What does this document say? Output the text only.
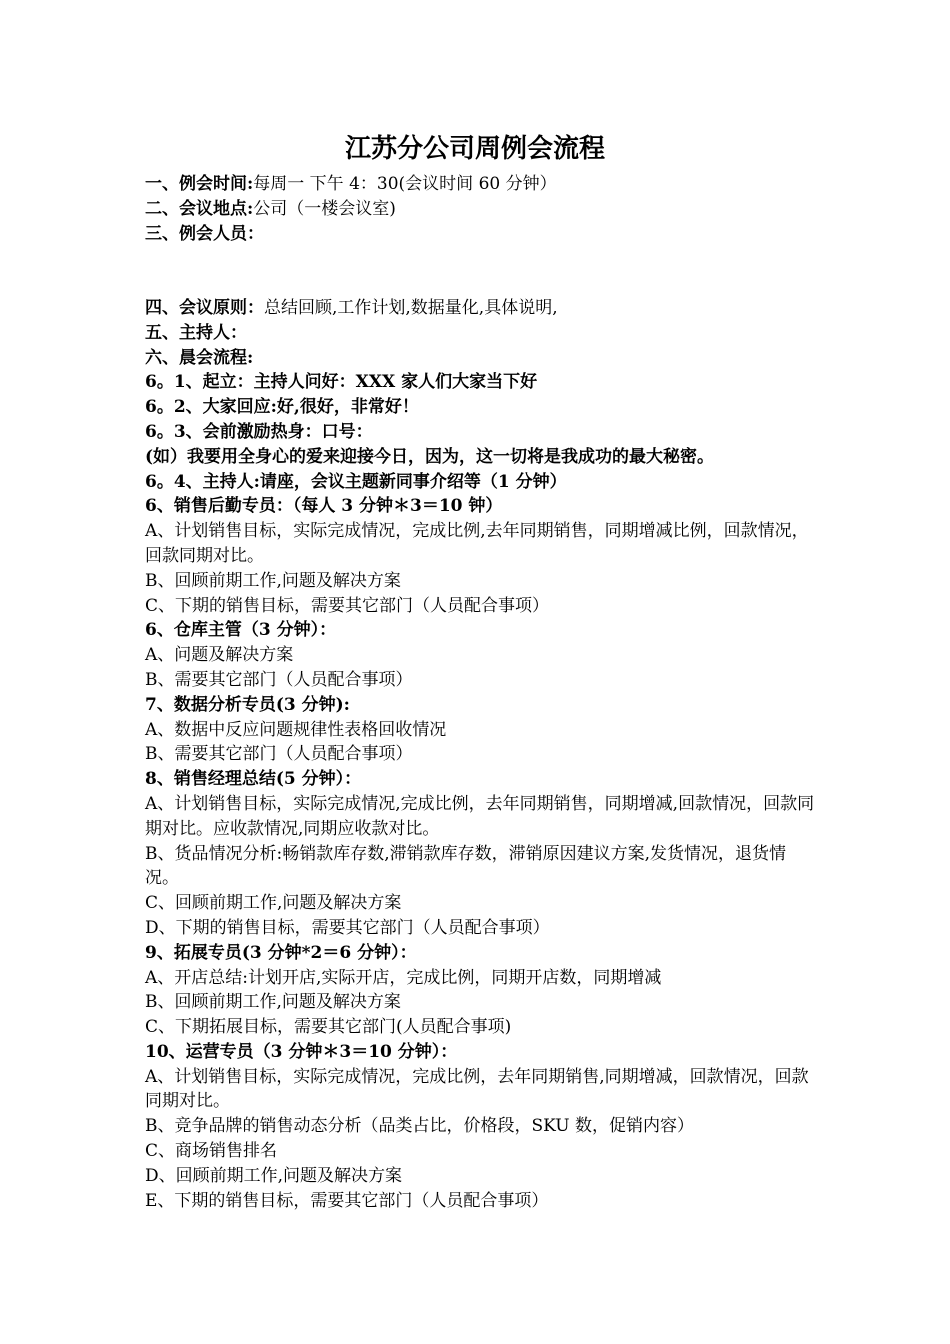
江苏分公司周例会流程

一、例会时间:每周一 下午 4：30(会议时间 60 分钟）

二、会议地点:公司（一楼会议室)

三、例会人员：

四、会议原则：总结回顾,工作计划,数据量化,具体说明,

五、主持人：

六、晨会流程:

6。1、起立：主持人问好：XXX 家人们大家当下好

6。2、大家回应:好,很好，非常好！

6。3、会前激励热身：口号：

(如）我要用全身心的爱来迎接今日，因为，这一切将是我成功的最大秘密。

6。4、主持人:请座，会议主题新同事介绍等（1 分钟）

6、销售后勤专员：（每人 3 分钟＊3＝10 钟）

A、计划销售目标，实际完成情况，完成比例,去年同期销售，同期增减比例，回款情况，回款同期对比。

B、回顾前期工作,问题及解决方案

C、下期的销售目标，需要其它部门（人员配合事项）

6、仓库主管（3 分钟）：

A、问题及解决方案

B、需要其它部门（人员配合事项）

7、数据分析专员(3 分钟):

A、数据中反应问题规律性表格回收情况

B、需要其它部门（人员配合事项）

8、销售经理总结(5 分钟）：

A、计划销售目标，实际完成情况,完成比例，去年同期销售，同期增减,回款情况，回款同期对比。应收款情况,同期应收款对比。

B、货品情况分析:畅销款库存数,滞销款库存数，滞销原因建议方案,发货情况，退货情况。

C、回顾前期工作,问题及解决方案

D、下期的销售目标，需要其它部门（人员配合事项）

9、拓展专员(3 分钟*2＝6 分钟）：

A、开店总结:计划开店,实际开店，完成比例，同期开店数，同期增减

B、回顾前期工作,问题及解决方案

C、下期拓展目标，需要其它部门(人员配合事项)

10、运营专员（3 分钟＊3＝10 分钟）：

A、计划销售目标，实际完成情况，完成比例，去年同期销售,同期增减，回款情况，回款同期对比。

B、竞争品牌的销售动态分析（品类占比，价格段，SKU 数，促销内容）

C、商场销售排名

D、回顾前期工作,问题及解决方案

E、下期的销售目标，需要其它部门（人员配合事项）
